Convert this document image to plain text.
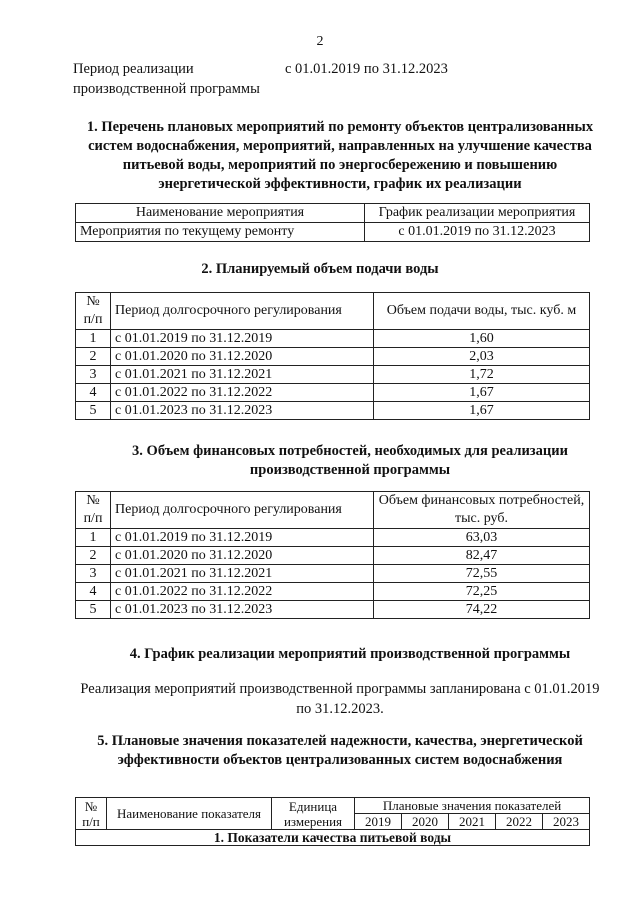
2
Период реализации производственной программы
с 01.01.2019 по 31.12.2023
1. Перечень плановых мероприятий по ремонту объектов централизованных систем водоснабжения, мероприятий, направленных на улучшение качества питьевой воды, мероприятий по энергосбережению и повышению энергетической эффективности, график их реализации
Наименование мероприятия	График реализации мероприятия
Мероприятия по текущему ремонту	с 01.01.2019 по 31.12.2023
2. Планируемый объем подачи воды
№ п/п	Период долгосрочного регулирования	Объем подачи воды, тыс. куб. м
1	с 01.01.2019 по 31.12.2019	1,60
2	с 01.01.2020 по 31.12.2020	2,03
3	с 01.01.2021 по 31.12.2021	1,72
4	с 01.01.2022 по 31.12.2022	1,67
5	с 01.01.2023 по 31.12.2023	1,67
3. Объем финансовых потребностей, необходимых для реализации производственной программы
№ п/п	Период долгосрочного регулирования	Объем финансовых потребностей, тыс. руб.
1	с 01.01.2019 по 31.12.2019	63,03
2	с 01.01.2020 по 31.12.2020	82,47
3	с 01.01.2021 по 31.12.2021	72,55
4	с 01.01.2022 по 31.12.2022	72,25
5	с 01.01.2023 по 31.12.2023	74,22
4. График реализации мероприятий производственной программы
Реализация мероприятий производственной программы запланирована с 01.01.2019 по 31.12.2023.
5. Плановые значения показателей надежности, качества, энергетической эффективности объектов централизованных систем водоснабжения
№ п/п	Наименование показателя	Единица измерения	Плановые значения показателей				
			2019	2020	2021	2022	2023
1. Показатели качества питьевой воды							
